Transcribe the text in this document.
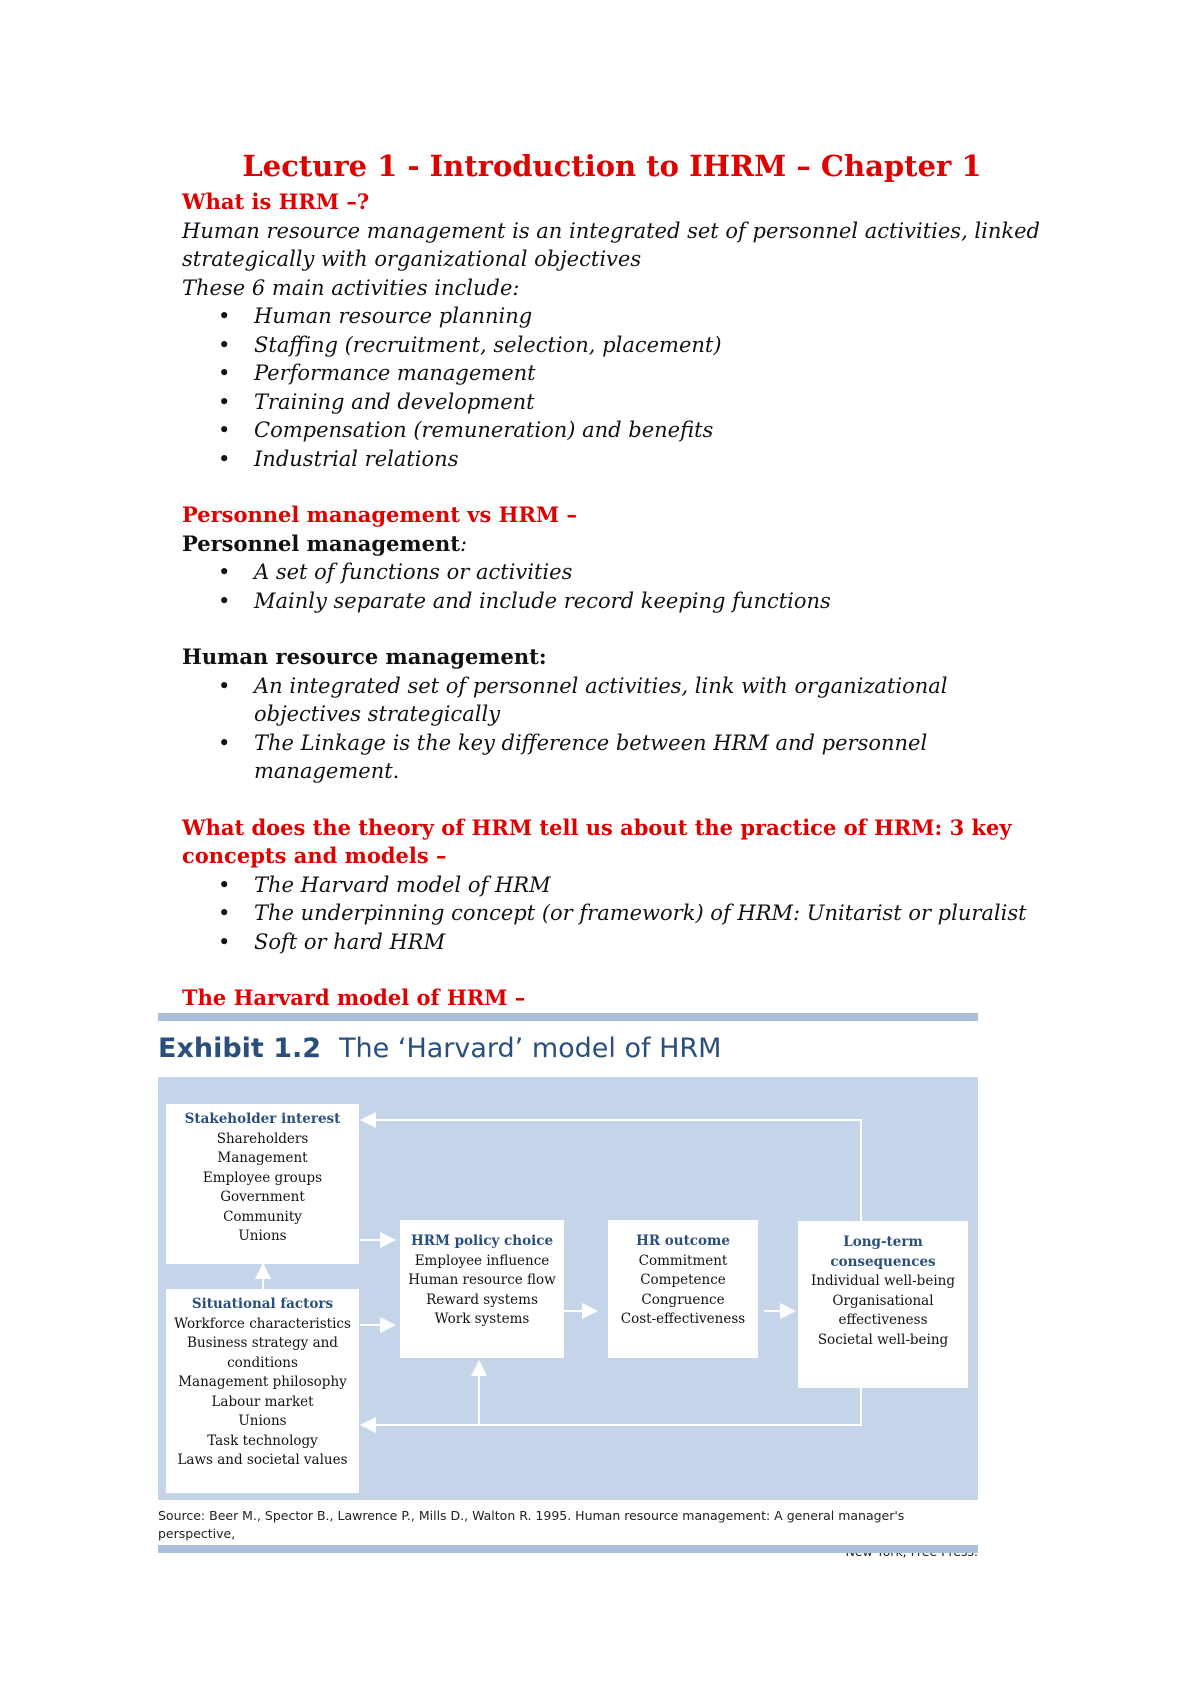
Lecture 1 - Introduction to IHRM – Chapter 1
What is HRM –?
Human resource management is an integrated set of personnel activities, linked strategically with organizational objectives
These 6 main activities include:
• Human resource planning
• Staffing (recruitment, selection, placement)
• Performance management
• Training and development
• Compensation (remuneration) and benefits
• Industrial relations
Personnel management vs HRM –
Personnel management:
• A set of functions or activities
• Mainly separate and include record keeping functions
Human resource management:
• An integrated set of personnel activities, link with organizational objectives strategically
• The Linkage is the key difference between HRM and personnel management.
What does the theory of HRM tell us about the practice of HRM: 3 key concepts and models –
• The Harvard model of HRM
• The underpinning concept (or framework) of HRM: Unitarist or pluralist
• Soft or hard HRM
The Harvard model of HRM –
Exhibit 1.2 The ‘Harvard’ model of HRM
Stakeholder interest
Shareholders
Management
Employee groups
Government
Community
Unions
Situational factors
Workforce characteristics
Business strategy and
conditions
Management philosophy
Labour market
Unions
Task technology
Laws and societal values
HRM policy choice
Employee influence
Human resource flow
Reward systems
Work systems
HR outcome
Commitment
Competence
Congruence
Cost-effectiveness
Long-term consequences
Individual well-being
Organisational
effectiveness
Societal well-being
Source: Beer M., Spector B., Lawrence P., Mills D., Walton R. 1995. Human resource management: A general manager's perspective,
